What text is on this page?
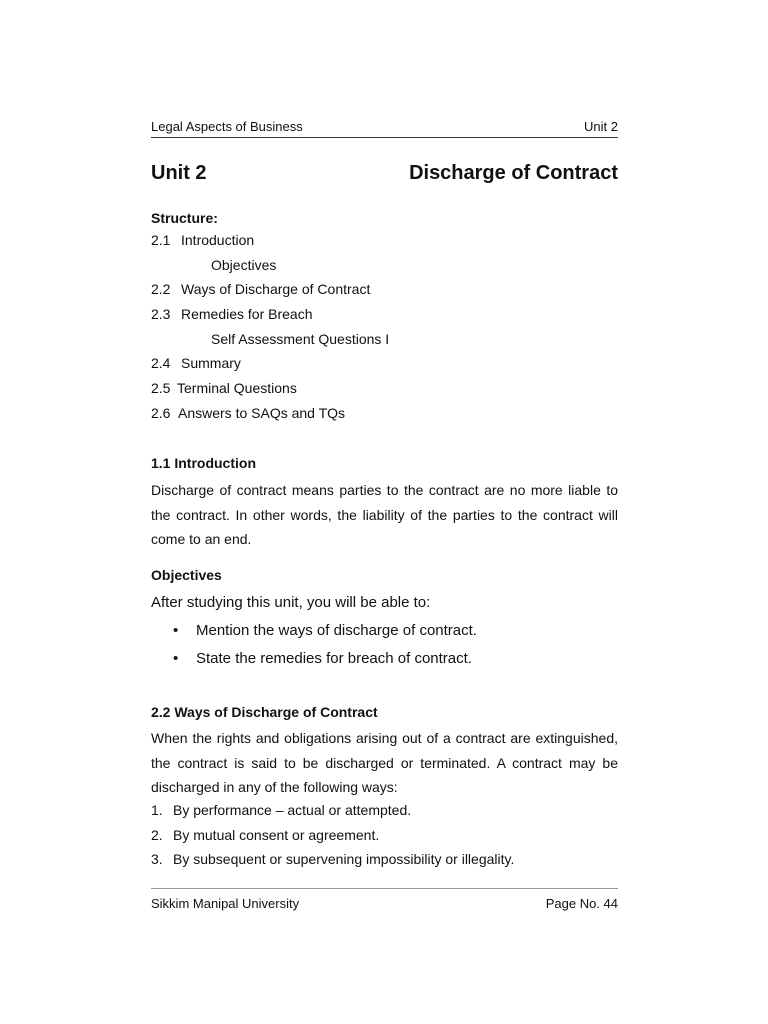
Legal Aspects of Business	Unit 2
Unit 2	Discharge of Contract
Structure:
2.1 Introduction
Objectives
2.2 Ways of Discharge of Contract
2.3 Remedies for Breach
Self Assessment Questions I
2.4 Summary
2.5 Terminal Questions
2.6 Answers to SAQs and TQs
1.1 Introduction

Discharge of contract means parties to the contract are no more liable to the contract. In other words, the liability of the parties to the contract will come to an end.

Objectives
After studying this unit, you will be able to:
•	Mention the ways of discharge of contract.
•	State the remedies for breach of contract.
2.2 Ways of Discharge of Contract

When the rights and obligations arising out of a contract are extinguished, the contract is said to be discharged or terminated. A contract may be discharged in any of the following ways:

1. By performance – actual or attempted.
2. By mutual consent or agreement.
3. By subsequent or supervening impossibility or illegality.
Sikkim Manipal University	Page No. 44
